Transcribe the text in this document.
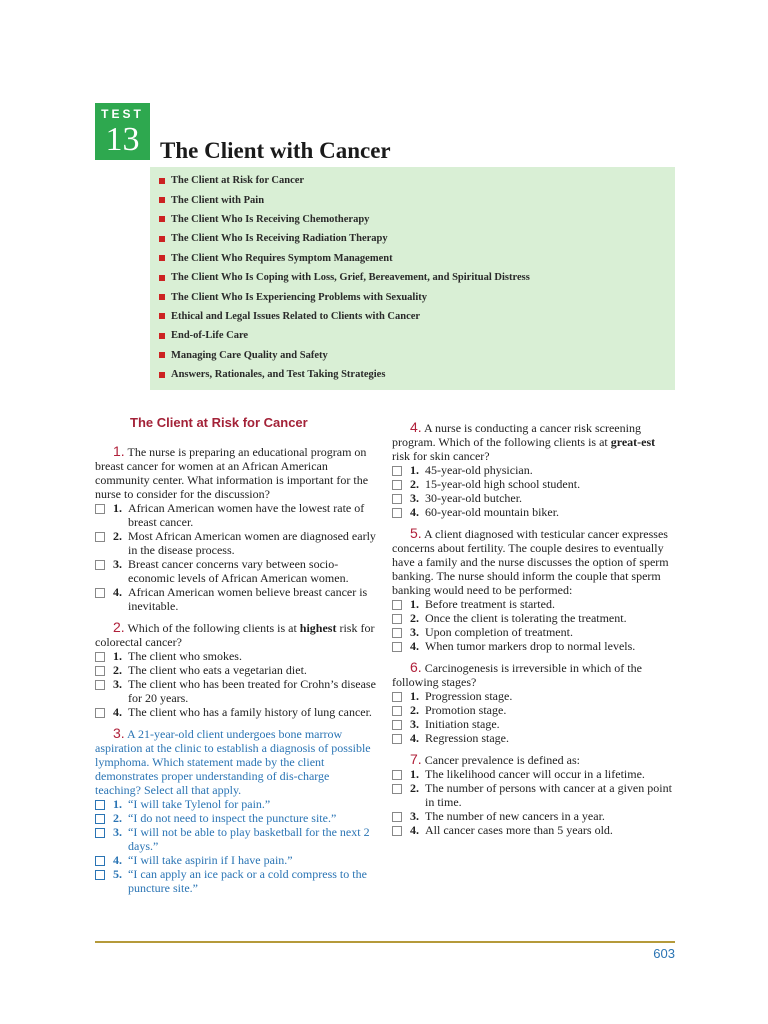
TEST
13 The Client with Cancer
The Client at Risk for Cancer
The Client with Pain
The Client Who Is Receiving Chemotherapy
The Client Who Is Receiving Radiation Therapy
The Client Who Requires Symptom Management
The Client Who Is Coping with Loss, Grief, Bereavement, and Spiritual Distress
The Client Who Is Experiencing Problems with Sexuality
Ethical and Legal Issues Related to Clients with Cancer
End-of-Life Care
Managing Care Quality and Safety
Answers, Rationales, and Test Taking Strategies
The Client at Risk for Cancer
1. The nurse is preparing an educational program on breast cancer for women at an African American community center. What information is important for the nurse to consider for the discussion?
1. African American women have the lowest rate of breast cancer.
2. Most African American women are diagnosed early in the disease process.
3. Breast cancer concerns vary between socio-economic levels of African American women.
4. African American women believe breast cancer is inevitable.
2. Which of the following clients is at highest risk for colorectal cancer?
1. The client who smokes.
2. The client who eats a vegetarian diet.
3. The client who has been treated for Crohn’s disease for 20 years.
4. The client who has a family history of lung cancer.
3. A 21-year-old client undergoes bone marrow aspiration at the clinic to establish a diagnosis of possible lymphoma. Which statement made by the client demonstrates proper understanding of dis-charge teaching? Select all that apply.
1. “I will take Tylenol for pain.”
2. “I do not need to inspect the puncture site.”
3. “I will not be able to play basketball for the next 2 days.”
4. “I will take aspirin if I have pain.”
5. “I can apply an ice pack or a cold compress to the puncture site.”
4. A nurse is conducting a cancer risk screening program. Which of the following clients is at great-est risk for skin cancer?
1. 45-year-old physician.
2. 15-year-old high school student.
3. 30-year-old butcher.
4. 60-year-old mountain biker.
5. A client diagnosed with testicular cancer expresses concerns about fertility. The couple desires to eventually have a family and the nurse discusses the option of sperm banking. The nurse should inform the couple that sperm banking would need to be performed:
1. Before treatment is started.
2. Once the client is tolerating the treatment.
3. Upon completion of treatment.
4. When tumor markers drop to normal levels.
6. Carcinogenesis is irreversible in which of the following stages?
1. Progression stage.
2. Promotion stage.
3. Initiation stage.
4. Regression stage.
7. Cancer prevalence is defined as:
1. The likelihood cancer will occur in a lifetime.
2. The number of persons with cancer at a given point in time.
3. The number of new cancers in a year.
4. All cancer cases more than 5 years old.
603
